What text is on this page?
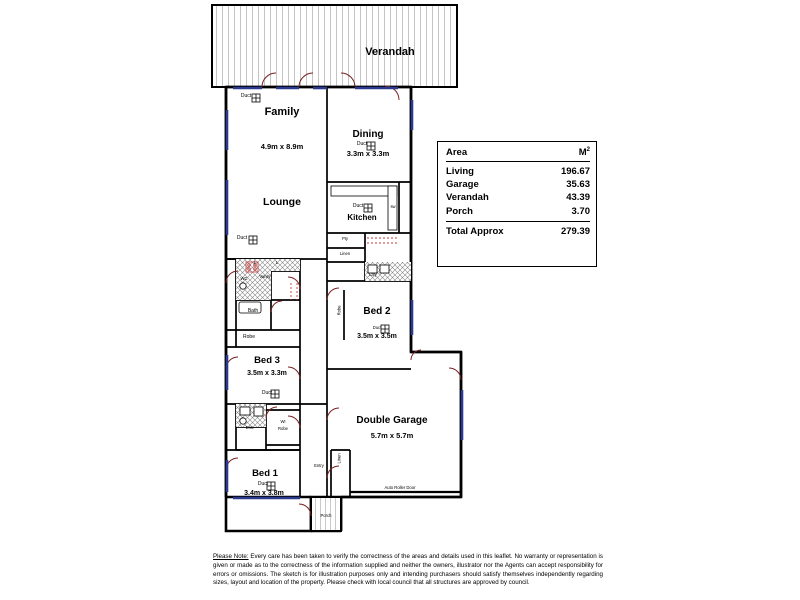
Verandah
Family
4.9m x 8.9m
Dining
3.3m x 3.3m
Lounge
Kitchen
Bed 2
3.5m x 3.5m
Bed 3
3.5m x 3.3m
Bed 1
3.4m x 3.8m
Double Garage
5.7m x 5.7m
Duct
Duct
Duct
Duct	sw
Pty
Linen
La'y
WC
L	L
Vanity
Bath
Robe
Robe
Duct
Ens.
WI
Robe
Duct
Entry
Linen
Porch
Auto Roller Door
Duct
Area	$M^2$
Living	196.67
Garage	35.63
Verandah	43.39
Porch	3.70
Total Approx	279.39
Please Note: Every care has been taken to verify the correctness of the areas and details used in this leaflet. No warranty or representation is given or made as to the correctness of the information supplied and neither the owners, illustrator nor the Agents can accept responsibility for errors or omissions. The sketch is for illustration purposes only and intending purchasers should satisfy themselves independently regarding sizes, layout and location of the property. Please check with local council that all structures are approved by council.
